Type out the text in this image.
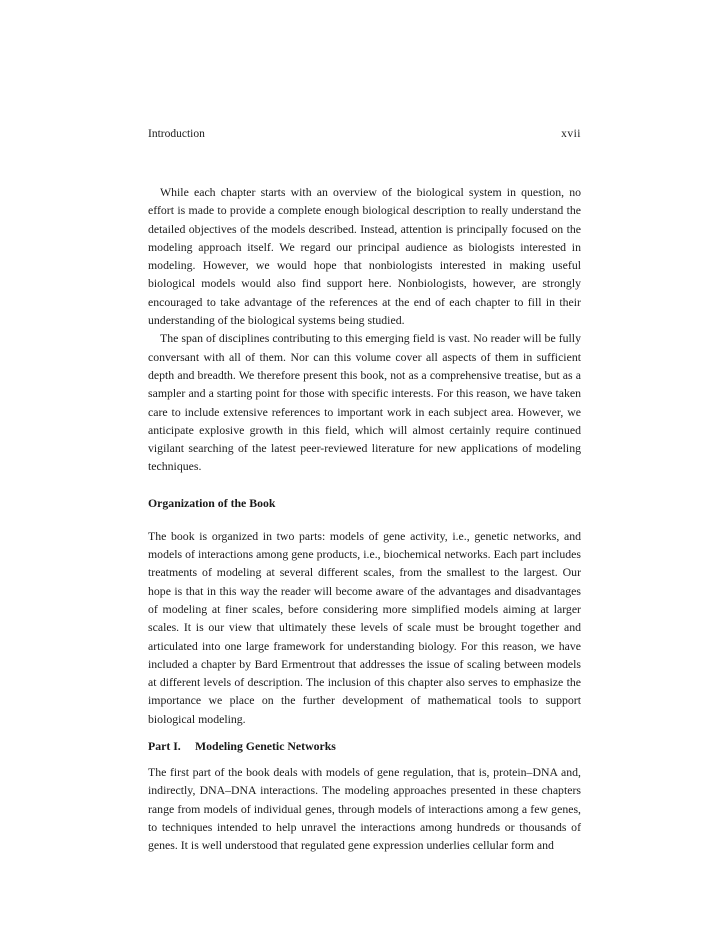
Introduction	xvii

While each chapter starts with an overview of the biological system in question, no effort is made to provide a complete enough biological description to really understand the detailed objectives of the models described. Instead, attention is principally focused on the modeling approach itself. We regard our principal audience as biologists interested in modeling. However, we would hope that nonbiologists interested in making useful biological models would also find support here. Nonbiologists, however, are strongly encouraged to take advantage of the references at the end of each chapter to fill in their understanding of the biological systems being studied.

The span of disciplines contributing to this emerging field is vast. No reader will be fully conversant with all of them. Nor can this volume cover all aspects of them in sufficient depth and breadth. We therefore present this book, not as a comprehensive treatise, but as a sampler and a starting point for those with specific interests. For this reason, we have taken care to include extensive references to important work in each subject area. However, we anticipate explosive growth in this field, which will almost certainly require continued vigilant searching of the latest peer-reviewed literature for new applications of modeling techniques.

Organization of the Book

The book is organized in two parts: models of gene activity, i.e., genetic networks, and models of interactions among gene products, i.e., biochemical networks. Each part includes treatments of modeling at several different scales, from the smallest to the largest. Our hope is that in this way the reader will become aware of the advantages and disadvantages of modeling at finer scales, before considering more simplified models aiming at larger scales. It is our view that ultimately these levels of scale must be brought together and articulated into one large framework for understanding biology. For this reason, we have included a chapter by Bard Ermentrout that addresses the issue of scaling between models at different levels of description. The inclusion of this chapter also serves to emphasize the importance we place on the further development of mathematical tools to support biological modeling.

Part I. Modeling Genetic Networks

The first part of the book deals with models of gene regulation, that is, protein–DNA and, indirectly, DNA–DNA interactions. The modeling approaches presented in these chapters range from models of individual genes, through models of interactions among a few genes, to techniques intended to help unravel the interactions among hundreds or thousands of genes. It is well understood that regulated gene expression underlies cellular form and
